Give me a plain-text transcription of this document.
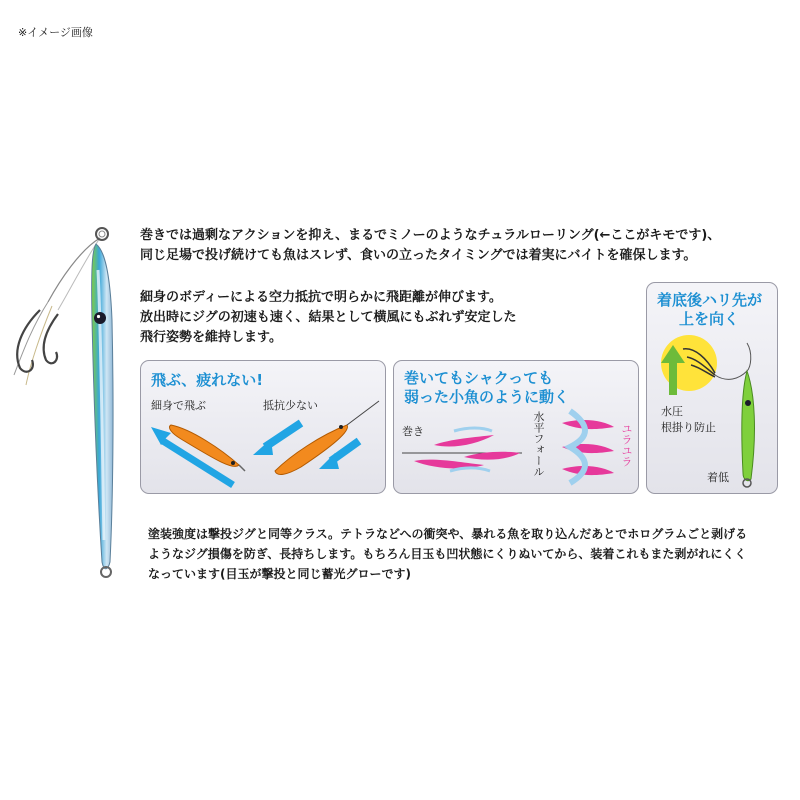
※イメージ画像
巻きでは過剰なアクションを抑え、まるでミノーのようなチュラルローリング(←ここがキモです)、
同じ足場で投げ続けても魚はスレず、食いの立ったタイミングでは着実にバイトを確保します。
細身のボディーによる空力抵抗で明らかに飛距離が伸びます。
放出時にジグの初速も速く、結果として横風にもぶれず安定した
飛行姿勢を維持します。
飛ぶ、疲れない!
細身で飛ぶ	抵抗少ない
巻いてもシャクっても
弱った小魚のように動く
巻き	水平フォール	ユラユラ
着底後ハリ先が
上を向く
水圧
根掛り防止
着低
塗装強度は撃投ジグと同等クラス。テトラなどへの衝突や、暴れる魚を取り込んだあとでホログラムごと剥げる
ようなジグ損傷を防ぎ、長持ちします。もちろん目玉も凹状態にくりぬいてから、装着これもまた剥がれにくく
なっています(目玉が撃投と同じ蓄光グローです)
